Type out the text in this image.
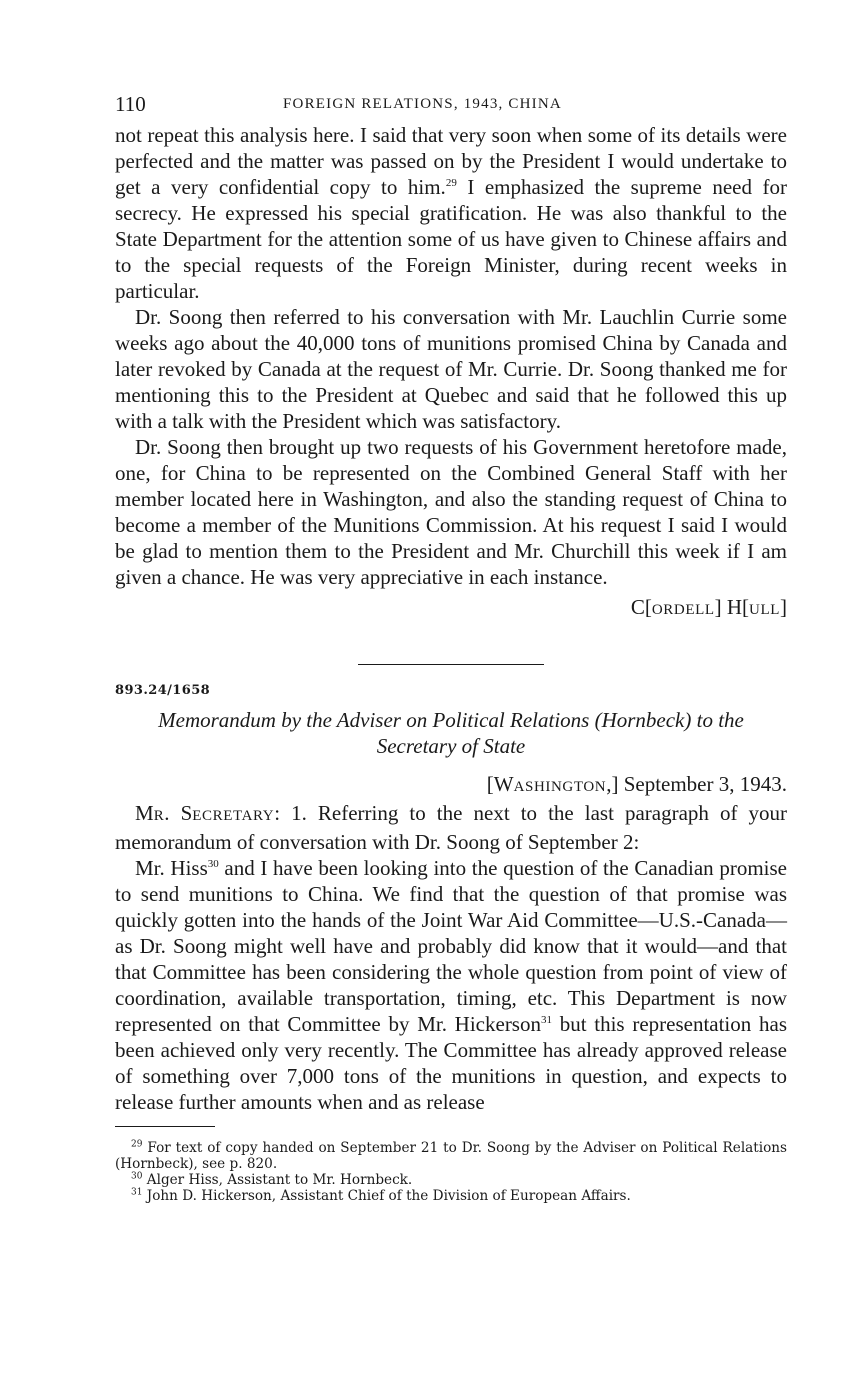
110	FOREIGN RELATIONS, 1943, CHINA

not repeat this analysis here. I said that very soon when some of its details were perfected and the matter was passed on by the President I would undertake to get a very confidential copy to him.$^{29}$ I emphasized the supreme need for secrecy. He expressed his special gratification. He was also thankful to the State Department for the attention some of us have given to Chinese affairs and to the special requests of the Foreign Minister, during recent weeks in particular.

Dr. Soong then referred to his conversation with Mr. Lauchlin Currie some weeks ago about the 40,000 tons of munitions promised China by Canada and later revoked by Canada at the request of Mr. Currie. Dr. Soong thanked me for mentioning this to the President at Quebec and said that he followed this up with a talk with the President which was satisfactory.

Dr. Soong then brought up two requests of his Government heretofore made, one, for China to be represented on the Combined General Staff with her member located here in Washington, and also the standing request of China to become a member of the Munitions Commission. At his request I said I would be glad to mention them to the President and Mr. Churchill this week if I am given a chance. He was very appreciative in each instance.

C[ORDELL] H[ULL]
893.24/1658
Memorandum by the Adviser on Political Relations (Hornbeck) to the
Secretary of State
[WASHINGTON,] September 3, 1943.

MR. SECRETARY: 1. Referring to the next to the last paragraph of your memorandum of conversation with Dr. Soong of September 2:

Mr. Hiss$^{30}$ and I have been looking into the question of the Canadian promise to send munitions to China. We find that the question of that promise was quickly gotten into the hands of the Joint War Aid Committee—U.S.-Canada—as Dr. Soong might well have and probably did know that it would—and that that Committee has been considering the whole question from point of view of coordination, available transportation, timing, etc. This Department is now represented on that Committee by Mr. Hickerson$^{31}$ but this representation has been achieved only very recently. The Committee has already approved release of something over 7,000 tons of the munitions in question, and expects to release further amounts when and as release

$^{29}$ For text of copy handed on September 21 to Dr. Soong by the Adviser on Political Relations (Hornbeck), see p. 820.

$^{30}$ Alger Hiss, Assistant to Mr. Hornbeck.

$^{31}$ John D. Hickerson, Assistant Chief of the Division of European Affairs.
